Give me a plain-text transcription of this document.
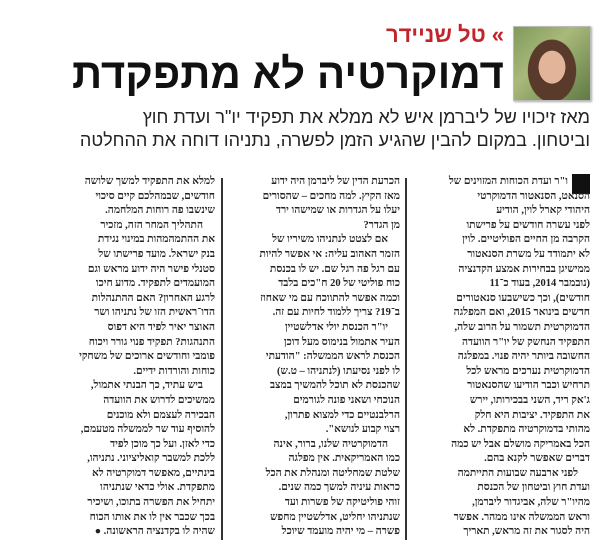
»טל שניידר
דמוקרטיה לא מתפקדת
מאז זיכויו של ליברמן איש לא ממלא את תפקיד יו"ר ועדת חוץ
וביטחון. במקום להבין שהגיע הזמן לפשרה, נתניהו דוחה את ההחלטה
ו"ר ועדת הכוחות המזוינים של
הסנאט, הסנאטור הדמוקרטי
היהודי קארל לוין, הודיע
לפני עשרה חודשים על פרישתו
הקרבה מן החיים הפוליטיים. לוין
לא יתמודד על משרת הסנאטור
ממישיגן בבחירות אמצע הקדנציה
(נובמבר 2014, בעוד כ־11
חודשים), וכך כשישבעו סנאטורים
חדשים בינואר 2015, ואם המפלגה
הדמוקרטית תשמור על הרוב שלה,
התפקיד הנחשק של יו"ר הוועדה
החשובה ביותר יהיה פנוי. במפלגה
הדמוקרטית נערכים מראש לכל
תרחיש וכבר הודיעו שהסנאטור
ג'אק ריד, השני בבכירותו, יירש
את התפקיד. יציבות היא חלק
מהותי בדמוקרטיה מתפקדת. לא
הכל באמריקה מושלם אבל יש כמה
דברים שאפשר לקנא בהם.
לפני ארבעה שבועות התייתמה
ועדת חוץ וביטחון של הכנסת
מהיו"ר שלה, אביגדור ליברמן,
וראש הממשלה אינו ממהר. אפשר
היה לסגור את זה מראש, תאריך
הכרעת הדין של ליברמן היה ידוע
מאז הקיץ. למה מחכים – שהסורים
יעלו על הגדרות או שמישהו ירד
מן הגדר?
אם לצטט לנתניהו משיריו של
הזמר האהוב עליה: אי אפשר להיות
עם רגל פה רגל שם. יש לו בכנסת
כוח פוליטי של 20 ח"כים בלבד
וכמה אפשר להתווכח עם מי שאחוז
ב־19? צריך ללמוד לחיות עם זה.
יו"ר הכנסת יולי אדלשטיין
העיר אתמול בנימוס מעל דוכן
הכנסת לראש הממשלה: "הודעתי
לו לפני נסיעתו (לנתניהו – ט.ש)
שהכנסת לא תוכל להמשיך במצב
הנוכחי ושאני פונה לגורמים
הרלבנטיים כדי למצוא פתרון,
רצוי קבוע לנושא".
הדמוקרטיה שלנו, ברור, אינה
כמו האמריקאית. אין מפלגה
שלטת שמחליטה ומנהלת את הכל
כראות עיניה למשך כמה שנים.
זוהי פוליטיקה של פשרות ועד
שנתניהו יחליט, אדלשטיין מחפש
פשרה – מי יהיה מועמד שיוכל
למלא את התפקיד למשך שלושה
חודשים, שבמהלכם קיים סיכוי
שינשבו פה רוחות המלחמה.
התהליך המחר הזה, מזכיר
את ההתמהמהות במינוי נגידת
בנק ישראל. מועד פרישתו של
סטנלי פישר היה ידוע מראש וגם
המועמדים לתפקיד. מדוע חיכו
לרגע האחרון? האם ההתנהלות
הדו־ראשית הזו של נתניהו ושר
האוצר יאיר לפיד היא דפוס
התנהגות? תפקיד פנוי גורר ויכוח
פומבי וחודשים ארוכים של משחקי
כוחות והורדות ידיים.
ביש עתיד, כך הבנתי אתמול,
ממשיכים לדרוש את הוועדה
הבכירה לעצמם ולא מוכנים
להוסיף עוד שר לממשלה מטעמם,
כדי לאזן. ועל כך מוכן לפיד
ללכת למשבר קואליציוני. נתניהו,
בינתיים, מאפשר דמוקרטיה לא
מתפקדת. אולי כדאי שנתניהו
יתחיל את הפשרה בתוכו, ושיכיר
בכך שכבר אין לו את אותו הכוח
שהיה לו בקדנציה הראשונה. ●
